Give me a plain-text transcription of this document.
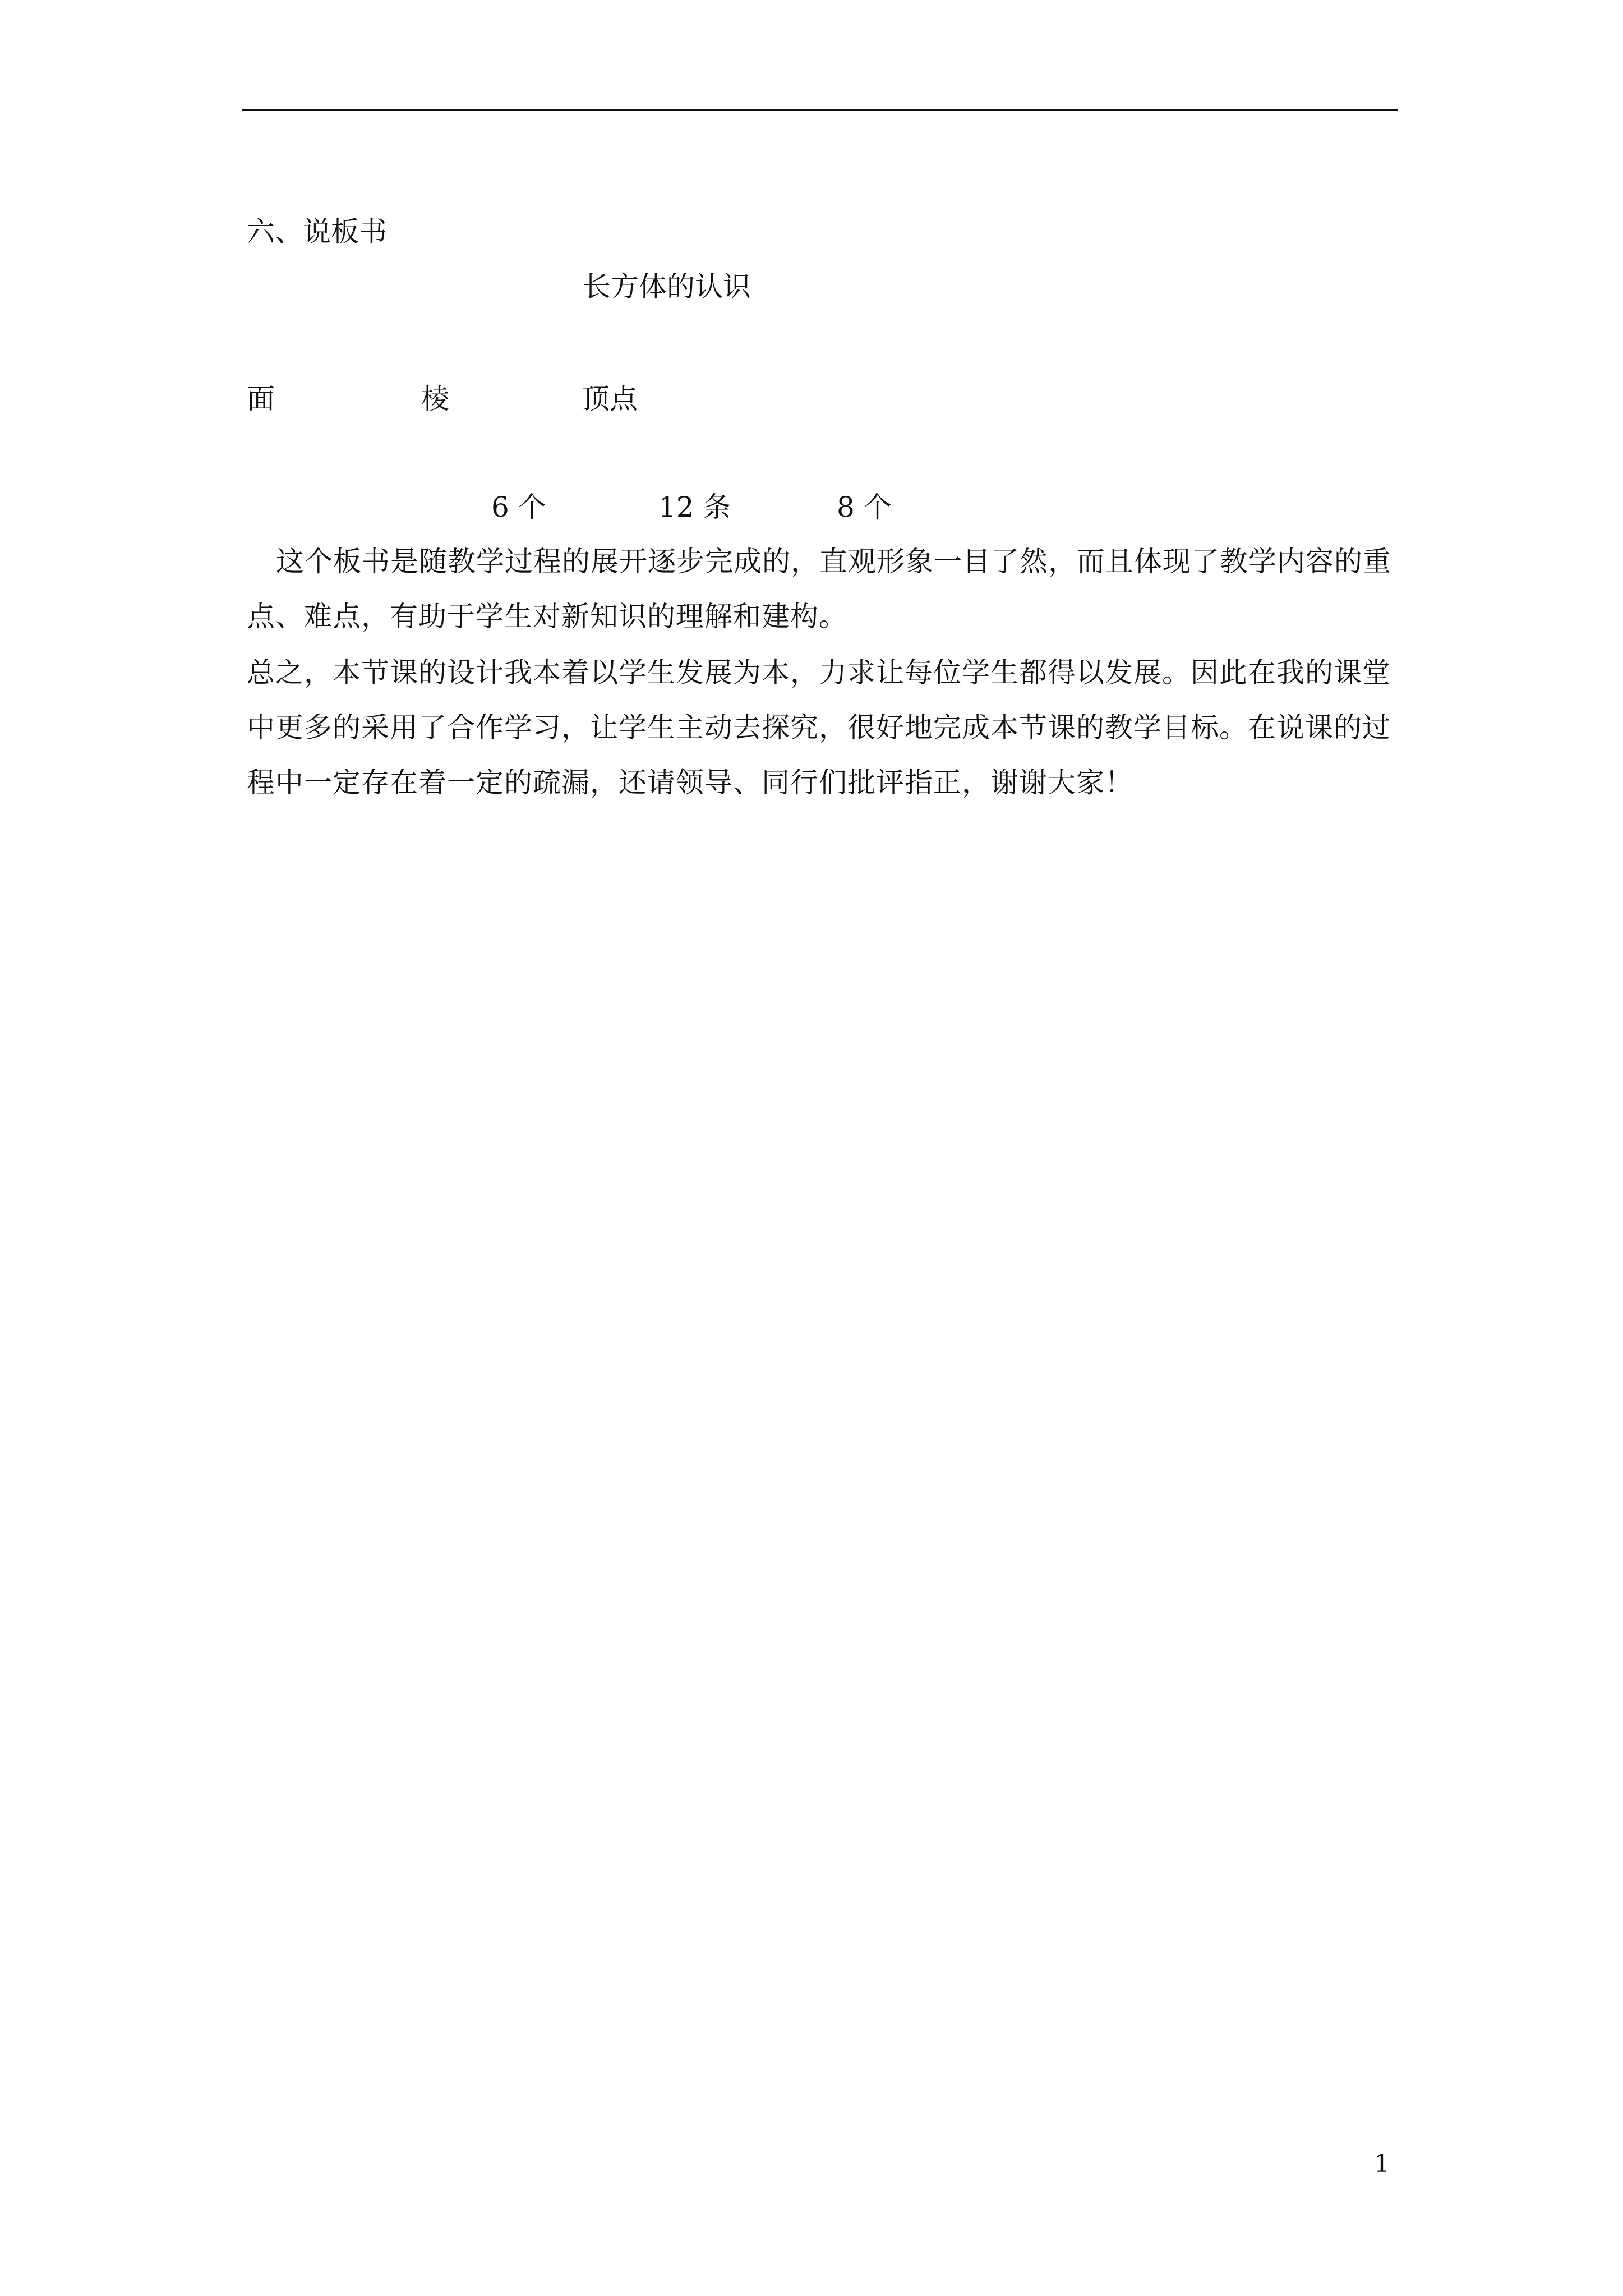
六、说板书
长方体的认识
面	棱	顶点
6 个	12 条	8 个
这个板书是随教学过程的展开逐步完成的，直观形象一目了然，而且体现了教学内容的重
点、难点，有助于学生对新知识的理解和建构。
总之，本节课的设计我本着以学生发展为本，力求让每位学生都得以发展。因此在我的课堂
中更多的采用了合作学习，让学生主动去探究，很好地完成本节课的教学目标。在说课的过
程中一定存在着一定的疏漏，还请领导、同行们批评指正，谢谢大家！
1
